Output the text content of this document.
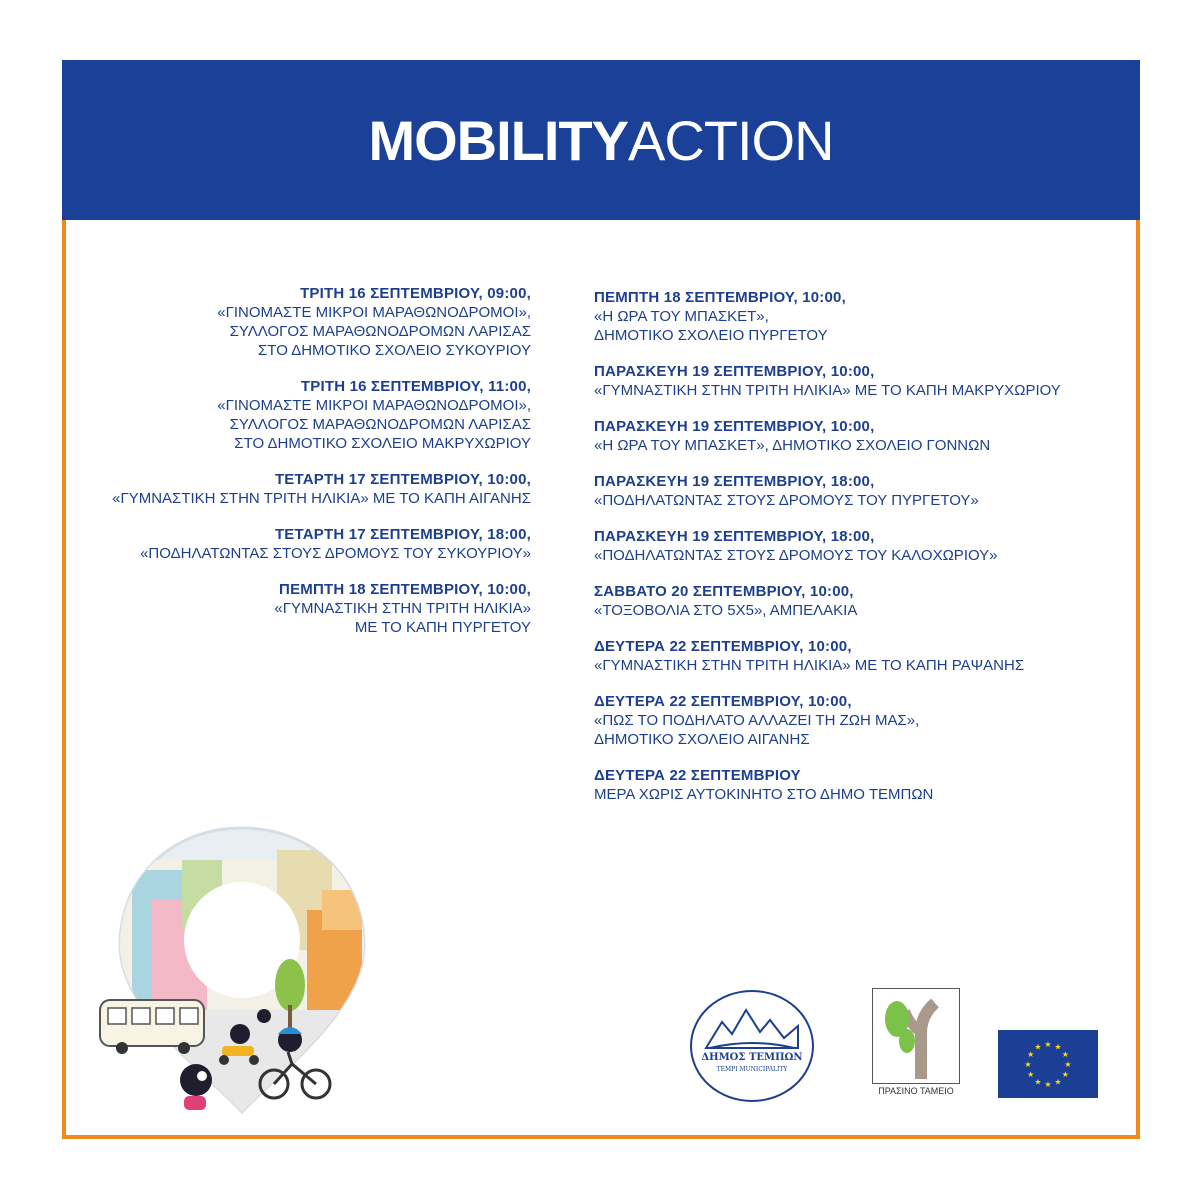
MOBILITY ACTION
ΤΡΙΤΗ 16 ΣΕΠΤΕΜΒΡΙΟΥ, 09:00,
«ΓΙΝΟΜΑΣΤΕ ΜΙΚΡΟΙ ΜΑΡΑΘΩΝΟΔΡΟΜΟΙ»,
ΣΥΛΛΟΓΟΣ ΜΑΡΑΘΩΝΟΔΡΟΜΩΝ ΛΑΡΙΣΑΣ
ΣΤΟ ΔΗΜΟΤΙΚΟ ΣΧΟΛΕΙΟ ΣΥΚΟΥΡΙΟΥ
ΤΡΙΤΗ 16 ΣΕΠΤΕΜΒΡΙΟΥ, 11:00,
«ΓΙΝΟΜΑΣΤΕ ΜΙΚΡΟΙ ΜΑΡΑΘΩΝΟΔΡΟΜΟΙ»,
ΣΥΛΛΟΓΟΣ ΜΑΡΑΘΩΝΟΔΡΟΜΩΝ ΛΑΡΙΣΑΣ
ΣΤΟ ΔΗΜΟΤΙΚΟ ΣΧΟΛΕΙΟ ΜΑΚΡΥΧΩΡΙΟΥ
ΤΕΤΑΡΤΗ 17 ΣΕΠΤΕΜΒΡΙΟΥ, 10:00,
«ΓΥΜΝΑΣΤΙΚΗ ΣΤΗΝ ΤΡΙΤΗ ΗΛΙΚΙΑ» ΜΕ ΤΟ ΚΑΠΗ ΑΙΓΑΝΗΣ
ΤΕΤΑΡΤΗ 17 ΣΕΠΤΕΜΒΡΙΟΥ, 18:00,
«ΠΟΔΗΛΑΤΩΝΤΑΣ ΣΤΟΥΣ ΔΡΟΜΟΥΣ ΤΟΥ ΣΥΚΟΥΡΙΟΥ»
ΠΕΜΠΤΗ 18 ΣΕΠΤΕΜΒΡΙΟΥ, 10:00,
«ΓΥΜΝΑΣΤΙΚΗ ΣΤΗΝ ΤΡΙΤΗ ΗΛΙΚΙΑ»
ΜΕ ΤΟ ΚΑΠΗ ΠΥΡΓΕΤΟΥ
ΠΕΜΠΤΗ 18 ΣΕΠΤΕΜΒΡΙΟΥ, 10:00,
«Η ΩΡΑ ΤΟΥ ΜΠΑΣΚΕΤ»,
ΔΗΜΟΤΙΚΟ ΣΧΟΛΕΙΟ ΠΥΡΓΕΤΟΥ
ΠΑΡΑΣΚΕΥΗ 19 ΣΕΠΤΕΜΒΡΙΟΥ, 10:00,
«ΓΥΜΝΑΣΤΙΚΗ ΣΤΗΝ ΤΡΙΤΗ ΗΛΙΚΙΑ» ΜΕ ΤΟ ΚΑΠΗ ΜΑΚΡΥΧΩΡΙΟΥ
ΠΑΡΑΣΚΕΥΗ 19 ΣΕΠΤΕΜΒΡΙΟΥ, 10:00,
«Η ΩΡΑ ΤΟΥ ΜΠΑΣΚΕΤ», ΔΗΜΟΤΙΚΟ ΣΧΟΛΕΙΟ ΓΟΝΝΩΝ
ΠΑΡΑΣΚΕΥΗ 19 ΣΕΠΤΕΜΒΡΙΟΥ, 18:00,
«ΠΟΔΗΛΑΤΩΝΤΑΣ ΣΤΟΥΣ ΔΡΟΜΟΥΣ ΤΟΥ ΠΥΡΓΕΤΟΥ»
ΠΑΡΑΣΚΕΥΗ 19 ΣΕΠΤΕΜΒΡΙΟΥ, 18:00,
«ΠΟΔΗΛΑΤΩΝΤΑΣ ΣΤΟΥΣ ΔΡΟΜΟΥΣ ΤΟΥ ΚΑΛΟΧΩΡΙΟΥ»
ΣΑΒΒΑΤΟ 20 ΣΕΠΤΕΜΒΡΙΟΥ, 10:00,
«ΤΟΞΟΒΟΛΙΑ ΣΤΟ 5Χ5», ΑΜΠΕΛΑΚΙΑ
ΔΕΥΤΕΡΑ 22 ΣΕΠΤΕΜΒΡΙΟΥ, 10:00,
«ΓΥΜΝΑΣΤΙΚΗ ΣΤΗΝ ΤΡΙΤΗ ΗΛΙΚΙΑ» ΜΕ ΤΟ ΚΑΠΗ ΡΑΨΑΝΗΣ
ΔΕΥΤΕΡΑ 22 ΣΕΠΤΕΜΒΡΙΟΥ, 10:00,
«ΠΩΣ ΤΟ ΠΟΔΗΛΑΤΟ ΑΛΛΑΖΕΙ ΤΗ ΖΩΗ ΜΑΣ»,
ΔΗΜΟΤΙΚΟ ΣΧΟΛΕΙΟ ΑΙΓΑΝΗΣ
ΔΕΥΤΕΡΑ 22 ΣΕΠΤΕΜΒΡΙΟΥ
ΜΕΡΑ ΧΩΡΙΣ ΑΥΤΟΚΙΝΗΤΟ ΣΤΟ ΔΗΜΟ ΤΕΜΠΩΝ
ΔΗΜΟΣ ΤΕΜΠΩΝ
TEMPI MUNICIPALITY
ΠΡΑΣΙΝΟ ΤΑΜΕΙΟ
★ ★
★
★
★
★
★
★
★
★
★
★
